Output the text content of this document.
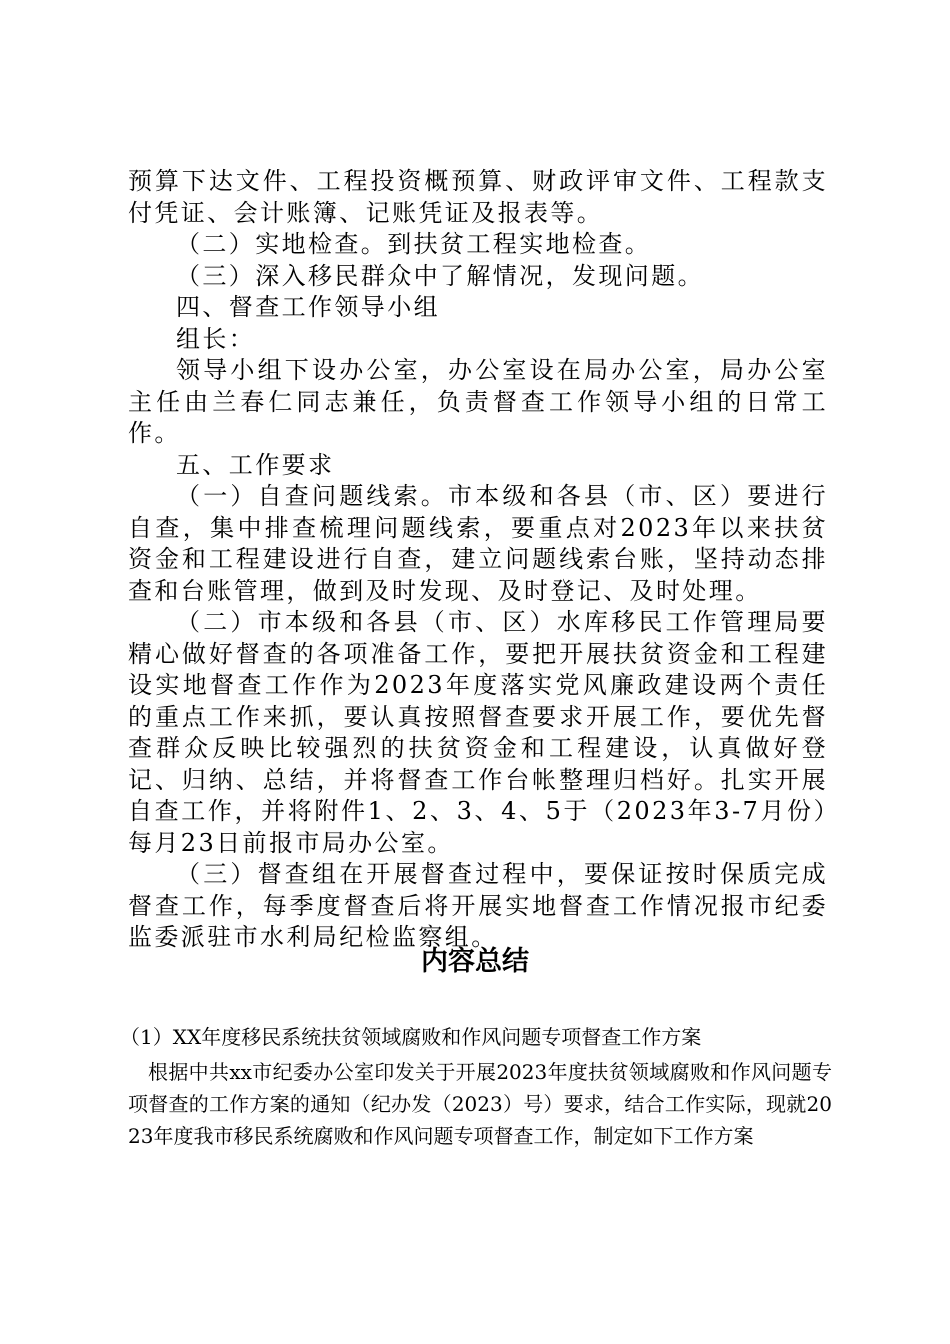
预算下达文件、工程投资概预算、财政评审文件、工程款支付凭证、会计账簿、记账凭证及报表等。

（二）实地检查。到扶贫工程实地检查。

（三）深入移民群众中了解情况，发现问题。

四、督查工作领导小组

组长：

领导小组下设办公室，办公室设在局办公室，局办公室主任由兰春仁同志兼任，负责督查工作领导小组的日常工作。

五、工作要求

（一）自查问题线索。市本级和各县（市、区）要进行自查，集中排查梳理问题线索，要重点对2023年以来扶贫资金和工程建设进行自查，建立问题线索台账，坚持动态排查和台账管理，做到及时发现、及时登记、及时处理。

（二）市本级和各县（市、区）水库移民工作管理局要精心做好督查的各项准备工作，要把开展扶贫资金和工程建设实地督查工作作为2023年度落实党风廉政建设两个责任的重点工作来抓，要认真按照督查要求开展工作，要优先督查群众反映比较强烈的扶贫资金和工程建设，认真做好登记、归纳、总结，并将督查工作台帐整理归档好。扎实开展自查工作，并将附件1、2、3、4、5于（2023年3-7月份）每月23日前报市局办公室。

（三）督查组在开展督查过程中，要保证按时保质完成督查工作，每季度督查后将开展实地督查工作情况报市纪委监委派驻市水利局纪检监察组。

内容总结

（1）XX年度移民系统扶贫领域腐败和作风问题专项督查工作方案

根据中共xx市纪委办公室印发关于开展2023年度扶贫领域腐败和作风问题专项督查的工作方案的通知（纪办发（2023）号）要求，结合工作实际，现就2023年度我市移民系统腐败和作风问题专项督查工作，制定如下工作方案
